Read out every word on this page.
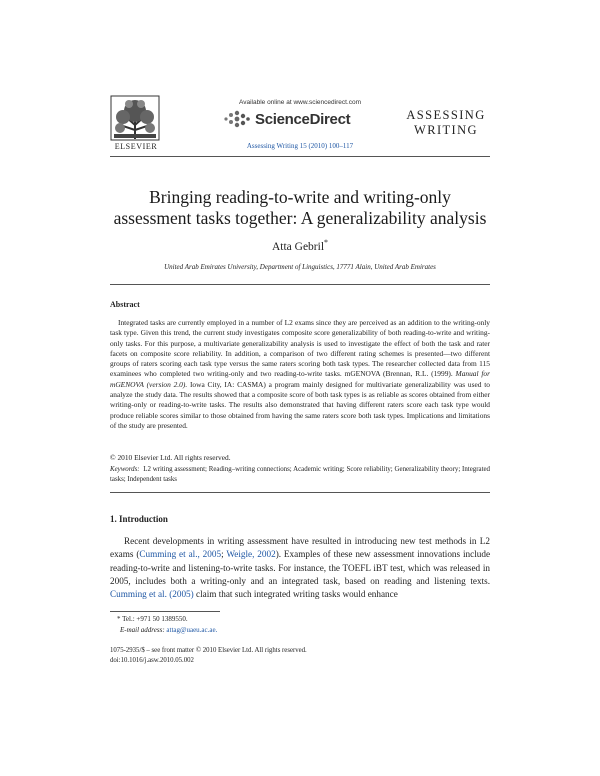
ELSEVIER
Available online at www.sciencedirect.com
ScienceDirect
Assessing Writing 15 (2010) 100–117
ASSESSING
WRITING
Bringing reading-to-write and writing-only assessment tasks together: A generalizability analysis
Atta Gebril*
United Arab Emirates University, Department of Linguistics, 17771 Alain, United Arab Emirates
Abstract

Integrated tasks are currently employed in a number of L2 exams since they are perceived as an addition to the writing-only task type. Given this trend, the current study investigates composite score generalizability of both reading-to-write and writing-only tasks. For this purpose, a multivariate generalizability analysis is used to investigate the effect of both the task and rater facets on composite score reliability. In addition, a comparison of two different rating schemes is presented—two different groups of raters scoring each task type versus the same raters scoring both task types. The researcher collected data from 115 examinees who completed two writing-only and two reading-to-write tasks. mGENOVA (Brennan, R.L. (1999). Manual for mGENOVA (version 2.0). Iowa City, IA: CASMA) a program mainly designed for multivariate generalizability was used to analyze the study data. The results showed that a composite score of both task types is as reliable as scores obtained from either writing-only or reading-to-write tasks. The results also demonstrated that having different raters score each task type would produce reliable scores similar to those obtained from having the same raters score both task types. Implications and limitations of the study are presented.

© 2010 Elsevier Ltd. All rights reserved.
Keywords: L2 writing assessment; Reading–writing connections; Academic writing; Score reliability; Generalizability theory; Integrated tasks; Independent tasks
1. Introduction

Recent developments in writing assessment have resulted in introducing new test methods in L2 exams (Cumming et al., 2005; Weigle, 2002). Examples of these new assessment innovations include reading-to-write and listening-to-write tasks. For instance, the TOEFL iBT test, which was released in 2005, includes both a writing-only and an integrated task, based on reading and listening texts. Cumming et al. (2005) claim that such integrated writing tasks would enhance

* Tel.: +971 50 1389550.
E-mail address: attag@uaeu.ac.ae.
1075-2935/$ – see front matter © 2010 Elsevier Ltd. All rights reserved.
doi:10.1016/j.asw.2010.05.002
